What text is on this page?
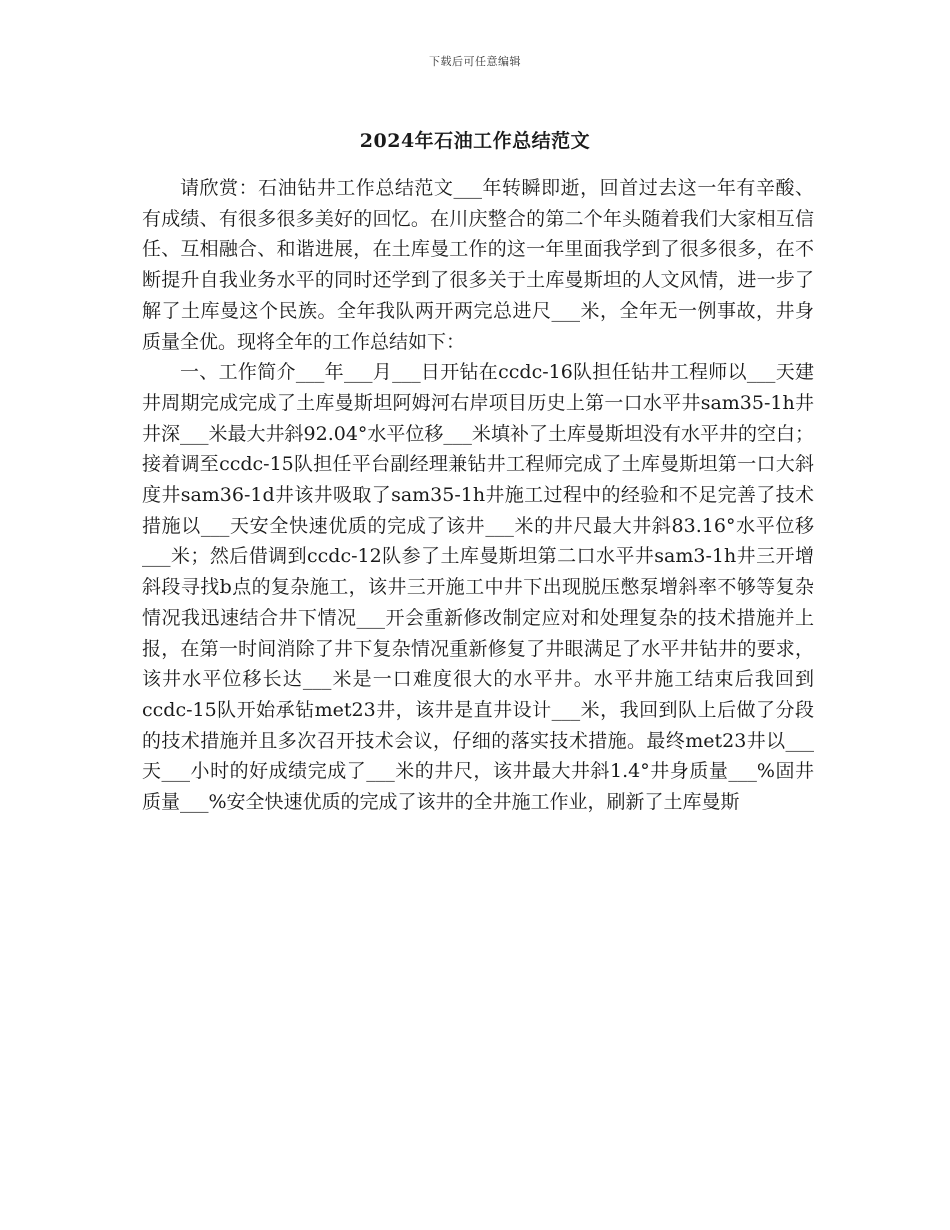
下载后可任意编辑
2024年石油工作总结范文

请欣赏：石油钻井工作总结范文___年转瞬即逝，回首过去这一年有辛酸、有成绩、有很多很多美好的回忆。在川庆整合的第二个年头随着我们大家相互信任、互相融合、和谐进展，在土库曼工作的这一年里面我学到了很多很多，在不断提升自我业务水平的同时还学到了很多关于土库曼斯坦的人文风情，进一步了解了土库曼这个民族。全年我队两开两完总进尺___米，全年无一例事故，井身质量全优。现将全年的工作总结如下：

一、工作简介___年___月___日开钻在ccdc-16队担任钻井工程师以___天建井周期完成完成了土库曼斯坦阿姆河右岸项目历史上第一口水平井sam35-1h井井深___米最大井斜92.04°水平位移___米填补了土库曼斯坦没有水平井的空白；接着调至ccdc-15队担任平台副经理兼钻井工程师完成了土库曼斯坦第一口大斜度井sam36-1d井该井吸取了sam35-1h井施工过程中的经验和不足完善了技术措施以___天安全快速优质的完成了该井___米的井尺最大井斜83.16°水平位移___米；然后借调到ccdc-12队参了土库曼斯坦第二口水平井sam3-1h井三开增斜段寻找b点的复杂施工，该井三开施工中井下出现脱压憋泵增斜率不够等复杂情况我迅速结合井下情况___开会重新修改制定应对和处理复杂的技术措施并上报，在第一时间消除了井下复杂情况重新修复了井眼满足了水平井钻井的要求，该井水平位移长达___米是一口难度很大的水平井。水平井施工结束后我回到ccdc-15队开始承钻met23井，该井是直井设计___米，我回到队上后做了分段的技术措施并且多次召开技术会议，仔细的落实技术措施。最终met23井以___天___小时的好成绩完成了___米的井尺，该井最大井斜1.4°井身质量___%固井质量___%安全快速优质的完成了该井的全井施工作业，刷新了土库曼斯
